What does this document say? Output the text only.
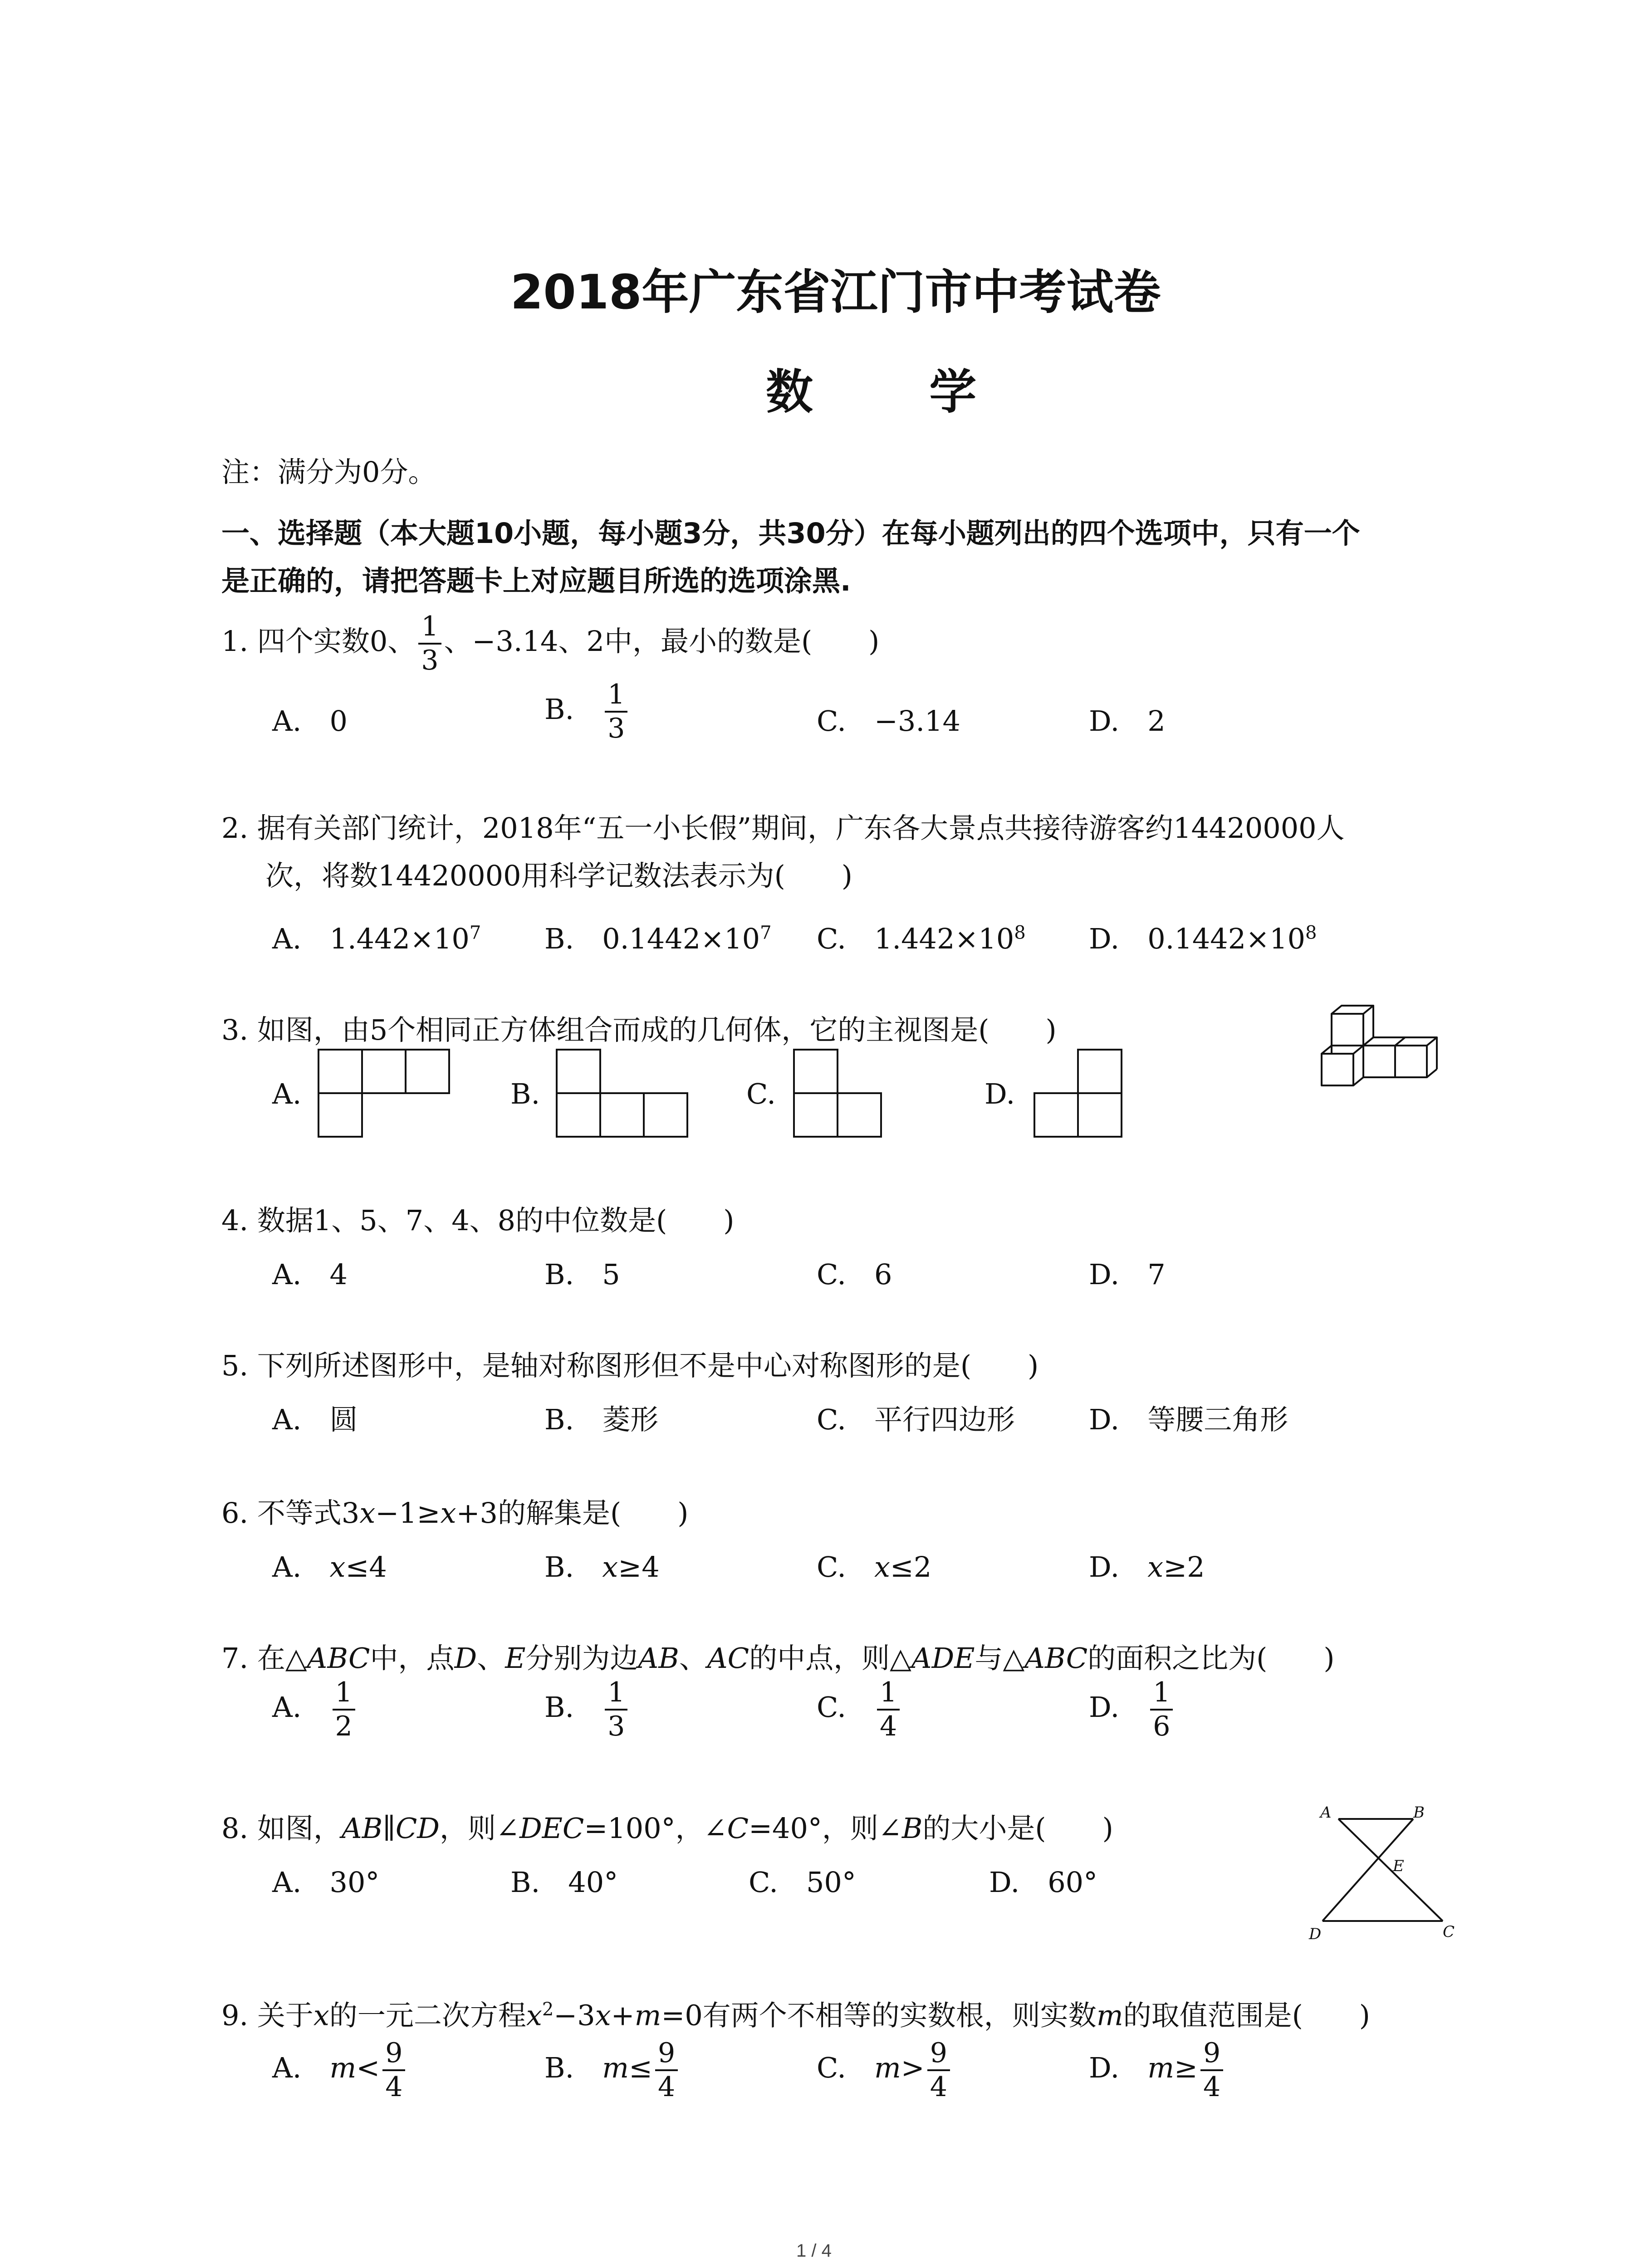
2018年广东省江门市中考试卷
数 学
注：满分为0分。
一、选择题（本大题10小题，每小题3分，共30分）在每小题列出的四个选项中，只有一个
是正确的，请把答题卡上对应题目所选的选项涂黑.
1. 四个实数0、 $\frac{1}{3}$ 、−3.14、2中，最小的数是(　　)
A.　 0	B.　 $\frac{1}{3}$	C.　 −3.14	D.　 2
2. 据有关部门统计，2018年“五一小长假”期间，广东各大景点共接待游客约14420000人
次，将数14420000用科学记数法表示为(　　)
A.　 $1.442\times 10^7$ B.　 $0.1442\times 10^7$ C.　 $1.442\times 10^8$ D.　 $0.1442\times 10^8$
3. 如图，由5个相同正方体组合而成的几何体，它的主视图是(　　)
A.	B.	C.	D.
4. 数据1、5、7、4、8的中位数是(　　)
A.　 4	B.　 5	C.　 6	D.　 7
5. 下列所述图形中，是轴对称图形但不是中心对称图形的是(　　)
A.　 圆	B.　 菱形	C.　 平行四边形	D.　 等腰三角形
6. 不等式3x−1≥x+3的解集是(　　)
A.　 x≤4	B.　 x≥4	C.　 x≤2	D.　 x≥2
7. 在△ABC中，点D、E分别为边AB、AC的中点，则△ADE与△ABC的面积之比为(　　)
A.　 $\frac{1}{2}$	B.　 $\frac{1}{3}$	C.　 $\frac{1}{4}$	D.　 $\frac{1}{6}$
8. 如图，AB∥CD，则∠DEC=100°，∠C=40°，则∠B的大小是(　　)
A.　 30°	B.　 40°	C.　 50°	D.　 60°
A	B
E
D	C
9. 关于x的一元二次方程$x^2-3x+m=0$有两个不相等的实数根，则实数m的取值范围是(　　)
A.　 $m< \frac{9}{4}$	B.　 $m\le \frac{9}{4}$	C.　 $m> \frac{9}{4}$	D.　 $m\ge \frac{9}{4}$
1 / 4
